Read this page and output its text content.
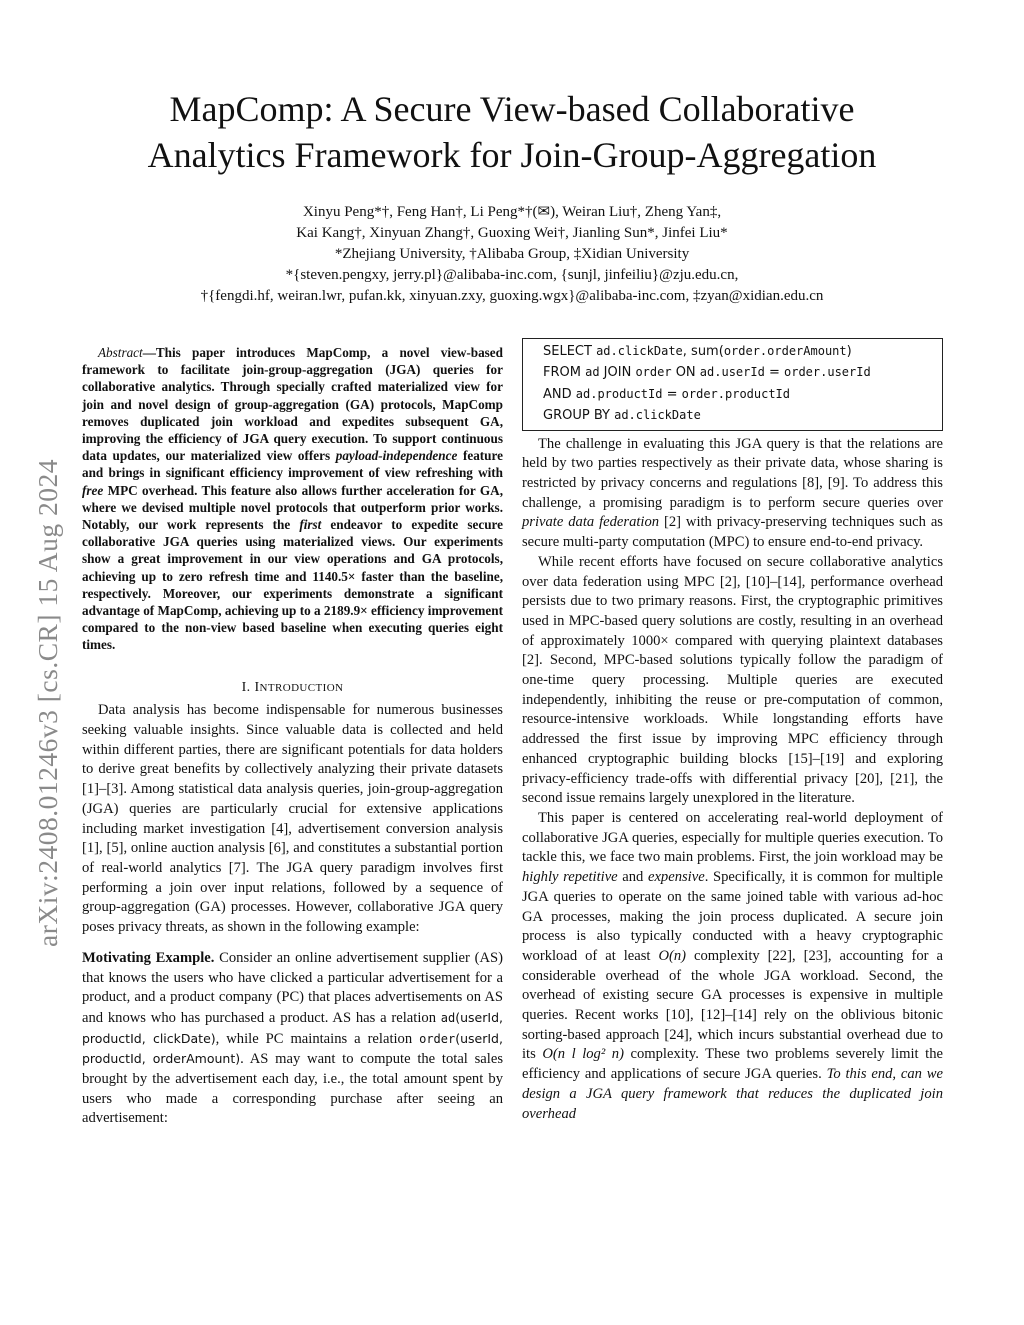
MapComp: A Secure View-based Collaborative
Analytics Framework for Join-Group-Aggregation
Xinyu Peng*†, Feng Han†, Li Peng*†(✉), Weiran Liu†, Zheng Yan‡,
Kai Kang†, Xinyuan Zhang†, Guoxing Wei†, Jianling Sun*, Jinfei Liu*
*Zhejiang University, †Alibaba Group, ‡Xidian University
*{steven.pengxy, jerry.pl}@alibaba-inc.com, {sunjl, jinfeiliu}@zju.edu.cn,
†{fengdi.hf, weiran.lwr, pufan.kk, xinyuan.zxy, guoxing.wgx}@alibaba-inc.com, ‡zyan@xidian.edu.cn
arXiv:2408.01246v3 [cs.CR] 15 Aug 2024

Abstract—This paper introduces MapComp, a novel view-based framework to facilitate join-group-aggregation (JGA) queries for collaborative analytics. Through specially crafted materialized view for join and novel design of group-aggregation (GA) protocols, MapComp removes duplicated join workload and expedites subsequent GA, improving the efficiency of JGA query execution. To support continuous data updates, our materialized view offers payload-independence feature and brings in significant efficiency improvement of view refreshing with free MPC overhead. This feature also allows further acceleration for GA, where we devised multiple novel protocols that outperform prior works. Notably, our work represents the first endeavor to expedite secure collaborative JGA queries using materialized views. Our experiments show a great improvement in our view operations and GA protocols, achieving up to zero refresh time and 1140.5× faster than the baseline, respectively. Moreover, our experiments demonstrate a significant advantage of MapComp, achieving up to a 2189.9× efficiency improvement compared to the non-view based baseline when executing queries eight times.

I. INTRODUCTION

Data analysis has become indispensable for numerous businesses seeking valuable insights. Since valuable data is collected and held within different parties, there are significant potentials for data holders to derive great benefits by collectively analyzing their private datasets [1]–[3]. Among statistical data analysis queries, join-group-aggregation (JGA) queries are particularly crucial for extensive applications including market investigation [4], advertisement conversion analysis [1], [5], online auction analysis [6], and constitutes a substantial portion of real-world analytics [7]. The JGA query paradigm involves first performing a join over input relations, followed by a sequence of group-aggregation (GA) processes. However, collaborative JGA query poses privacy threats, as shown in the following example:

Motivating Example. Consider an online advertisement supplier (AS) that knows the users who have clicked a particular advertisement for a product, and a product company (PC) that places advertisements on AS and knows who has purchased a product. AS has a relation ad(userId, productId, clickDate), while PC maintains a relation order(userId, productId, orderAmount). AS may want to compute the total sales brought by the advertisement each day, i.e., the total amount spent by users who made a corresponding purchase after seeing an advertisement:

SELECT ad.clickDate, sum(order.orderAmount)
FROM ad JOIN order ON ad.userId = order.userId
AND ad.productId = order.productId
GROUP BY ad.clickDate

The challenge in evaluating this JGA query is that the relations are held by two parties respectively as their private data, whose sharing is restricted by privacy concerns and regulations [8], [9]. To address this challenge, a promising paradigm is to perform secure queries over private data federation [2] with privacy-preserving techniques such as secure multi-party computation (MPC) to ensure end-to-end privacy.

While recent efforts have focused on secure collaborative analytics over data federation using MPC [2], [10]–[14], performance overhead persists due to two primary reasons. First, the cryptographic primitives used in MPC-based query solutions are costly, resulting in an overhead of approximately 1000× compared with querying plaintext databases [2]. Second, MPC-based solutions typically follow the paradigm of one-time query processing. Multiple queries are executed independently, inhibiting the reuse or pre-computation of common, resource-intensive workloads. While longstanding efforts have addressed the first issue by improving MPC efficiency through enhanced cryptographic building blocks [15]–[19] and exploring privacy-efficiency trade-offs with differential privacy [20], [21], the second issue remains largely unexplored in the literature.

This paper is centered on accelerating real-world deployment of collaborative JGA queries, especially for multiple queries execution. To tackle this, we face two main problems. First, the join workload may be highly repetitive and expensive. Specifically, it is common for multiple JGA queries to operate on the same joined table with various ad-hoc GA processes, making the join process duplicated. A secure join process is also typically conducted with a heavy cryptographic workload of at least O(n) complexity [22], [23], accounting for a considerable overhead of the whole JGA workload. Second, the overhead of existing secure GA processes is expensive in multiple queries. Recent works [10], [12]–[14] rely on the oblivious bitonic sorting-based approach [24], which incurs substantial overhead due to its O(n l log² n) complexity. These two problems severely limit the efficiency and applications of secure JGA queries. To this end, can we design a JGA query framework that reduces the duplicated join overhead
